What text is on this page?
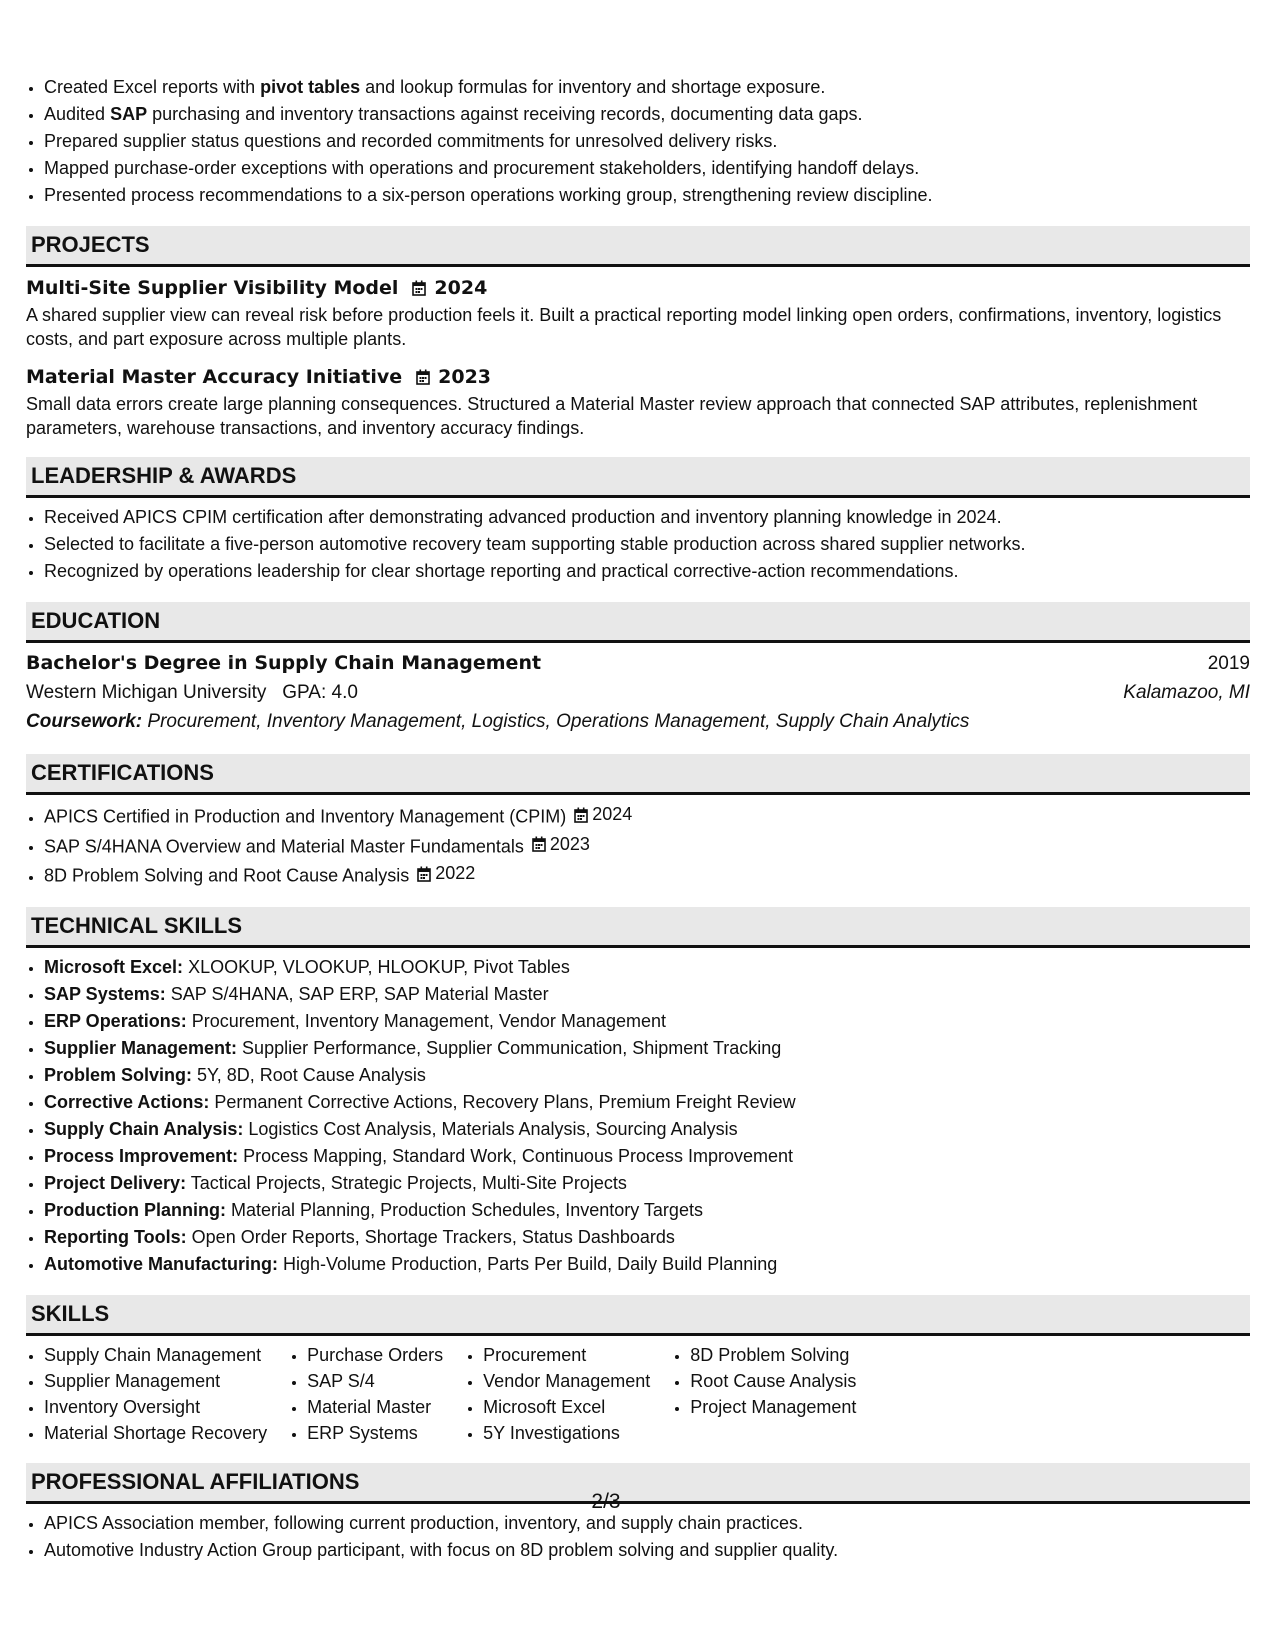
• Created Excel reports with pivot tables and lookup formulas for inventory and shortage exposure.
• Audited SAP purchasing and inventory transactions against receiving records, documenting data gaps.
• Prepared supplier status questions and recorded commitments for unresolved delivery risks.
• Mapped purchase-order exceptions with operations and procurement stakeholders, identifying handoff delays.
• Presented process recommendations to a six-person operations working group, strengthening review discipline.
PROJECTS
Multi-Site Supplier Visibility Model 2024
A shared supplier view can reveal risk before production feels it. Built a practical reporting model linking open orders, confirmations, inventory, logistics costs, and part exposure across multiple plants.
Material Master Accuracy Initiative 2023
Small data errors create large planning consequences. Structured a Material Master review approach that connected SAP attributes, replenishment parameters, warehouse transactions, and inventory accuracy findings.
LEADERSHIP & AWARDS
• Received APICS CPIM certification after demonstrating advanced production and inventory planning knowledge in 2024.
• Selected to facilitate a five-person automotive recovery team supporting stable production across shared supplier networks.
• Recognized by operations leadership for clear shortage reporting and practical corrective-action recommendations.
EDUCATION
Bachelor's Degree in Supply Chain Management	2019
Western Michigan University GPA: 4.0	Kalamazoo, MI
Coursework: Procurement, Inventory Management, Logistics, Operations Management, Supply Chain Analytics
CERTIFICATIONS
• APICS Certified in Production and Inventory Management (CPIM) 2024
• SAP S/4HANA Overview and Material Master Fundamentals 2023
• 8D Problem Solving and Root Cause Analysis 2022
TECHNICAL SKILLS
• Microsoft Excel: XLOOKUP, VLOOKUP, HLOOKUP, Pivot Tables
• SAP Systems: SAP S/4HANA, SAP ERP, SAP Material Master
• ERP Operations: Procurement, Inventory Management, Vendor Management
• Supplier Management: Supplier Performance, Supplier Communication, Shipment Tracking
• Problem Solving: 5Y, 8D, Root Cause Analysis
• Corrective Actions: Permanent Corrective Actions, Recovery Plans, Premium Freight Review
• Supply Chain Analysis: Logistics Cost Analysis, Materials Analysis, Sourcing Analysis
• Process Improvement: Process Mapping, Standard Work, Continuous Process Improvement
• Project Delivery: Tactical Projects, Strategic Projects, Multi-Site Projects
• Production Planning: Material Planning, Production Schedules, Inventory Targets
• Reporting Tools: Open Order Reports, Shortage Trackers, Status Dashboards
• Automotive Manufacturing: High-Volume Production, Parts Per Build, Daily Build Planning
SKILLS
• Supply Chain Management
• Supplier Management
• Inventory Oversight
• Material Shortage Recovery
• Purchase Orders
• SAP S/4
• Material Master
• ERP Systems
• Procurement
• Vendor Management
• Microsoft Excel
• 5Y Investigations
• 8D Problem Solving
• Root Cause Analysis
• Project Management
PROFESSIONAL AFFILIATIONS
• APICS Association member, following current production, inventory, and supply chain practices.
• Automotive Industry Action Group participant, with focus on 8D problem solving and supplier quality.
2/3
